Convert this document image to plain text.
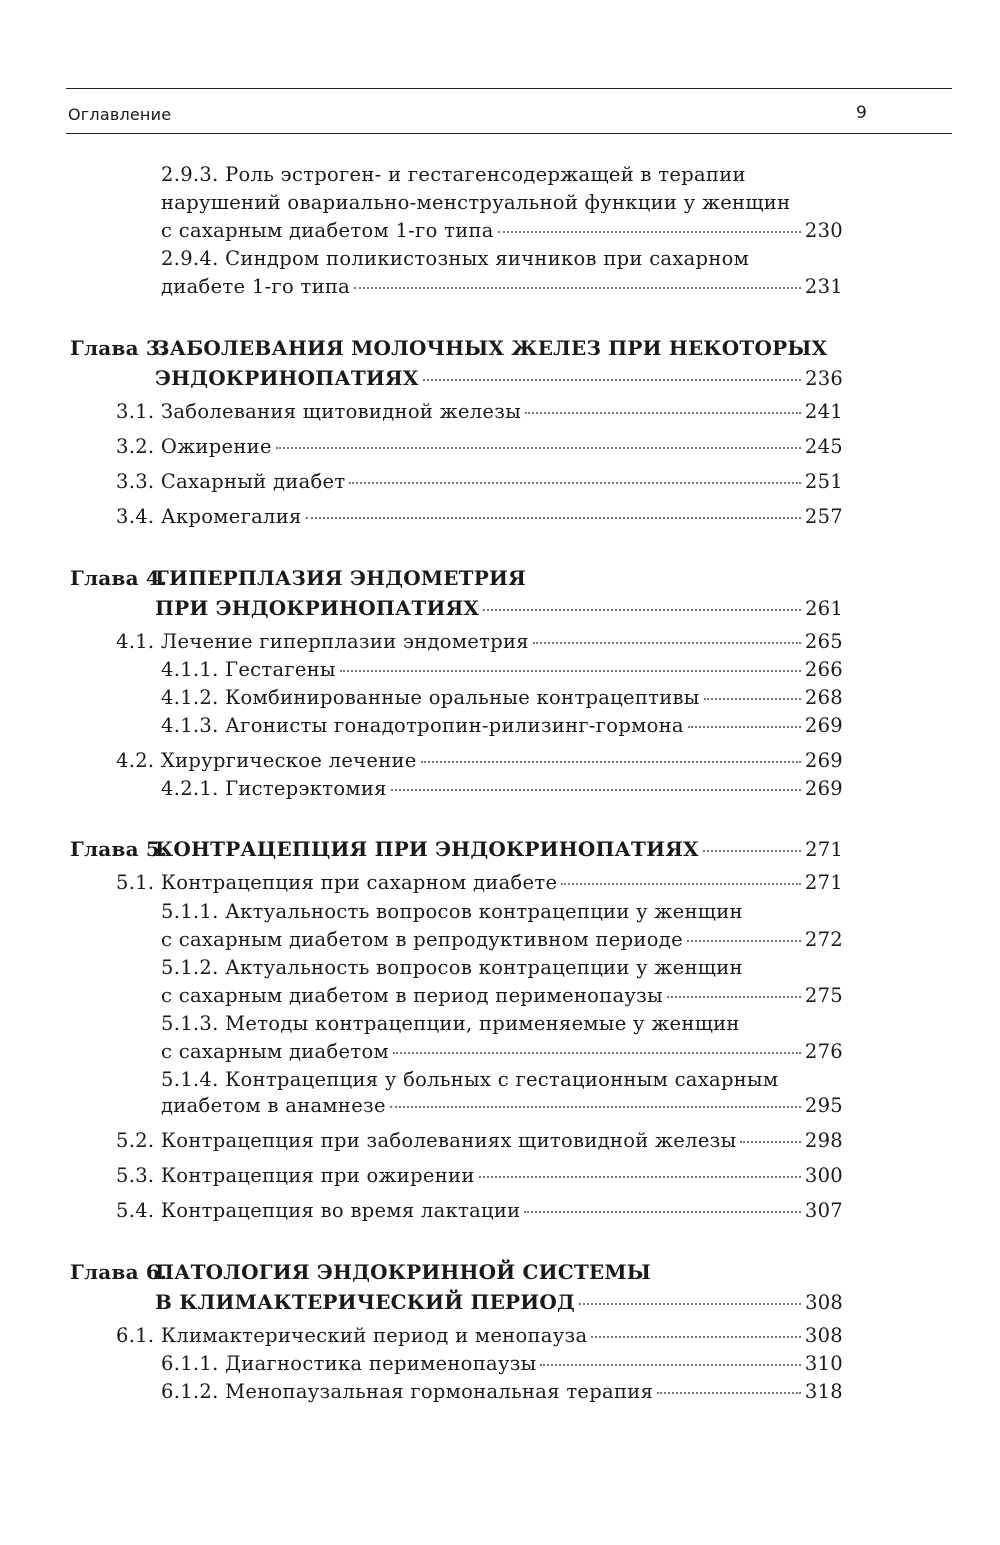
Оглавление	9
2.9.3. Роль эстроген- и гестагенсодержащей в терапии
нарушений овариально-менструальной функции у женщин
с сахарным диабетом 1-го типа	230
2.9.4. Синдром поликистозных яичников при сахарном
диабете 1-го типа	231
Глава 3.
ЗАБОЛЕВАНИЯ МОЛОЧНЫХ ЖЕЛЕЗ ПРИ НЕКОТОРЫХ
ЭНДОКРИНОПАТИЯХ	236
3.1. Заболевания щитовидной железы	241
3.2. Ожирение	245
3.3. Сахарный диабет	251
3.4. Акромегалия	257
Глава 4.
ГИПЕРПЛАЗИЯ ЭНДОМЕТРИЯ
ПРИ ЭНДОКРИНОПАТИЯХ	261
4.1. Лечение гиперплазии эндометрия	265
4.1.1. Гестагены	266
4.1.2. Комбинированные оральные контрацептивы	268
4.1.3. Агонисты гонадотропин-рилизинг-гормона	269
4.2. Хирургическое лечение	269
4.2.1. Гистерэктомия	269
Глава 5.
КОНТРАЦЕПЦИЯ ПРИ ЭНДОКРИНОПАТИЯХ	271
5.1. Контрацепция при сахарном диабете	271
5.1.1. Актуальность вопросов контрацепции у женщин
с сахарным диабетом в репродуктивном периоде	272
5.1.2. Актуальность вопросов контрацепции у женщин
с сахарным диабетом в период перименопаузы	275
5.1.3. Методы контрацепции, применяемые у женщин
с сахарным диабетом	276
5.1.4. Контрацепция у больных с гестационным сахарным
диабетом в анамнезе	295
5.2. Контрацепция при заболеваниях щитовидной железы	298
5.3. Контрацепция при ожирении	300
5.4. Контрацепция во время лактации	307
Глава 6.
ПАТОЛОГИЯ ЭНДОКРИННОЙ СИСТЕМЫ
В КЛИМАКТЕРИЧЕСКИЙ ПЕРИОД	308
6.1. Климактерический период и менопауза	308
6.1.1. Диагностика перименопаузы	310
6.1.2. Менопаузальная гормональная терапия	318
